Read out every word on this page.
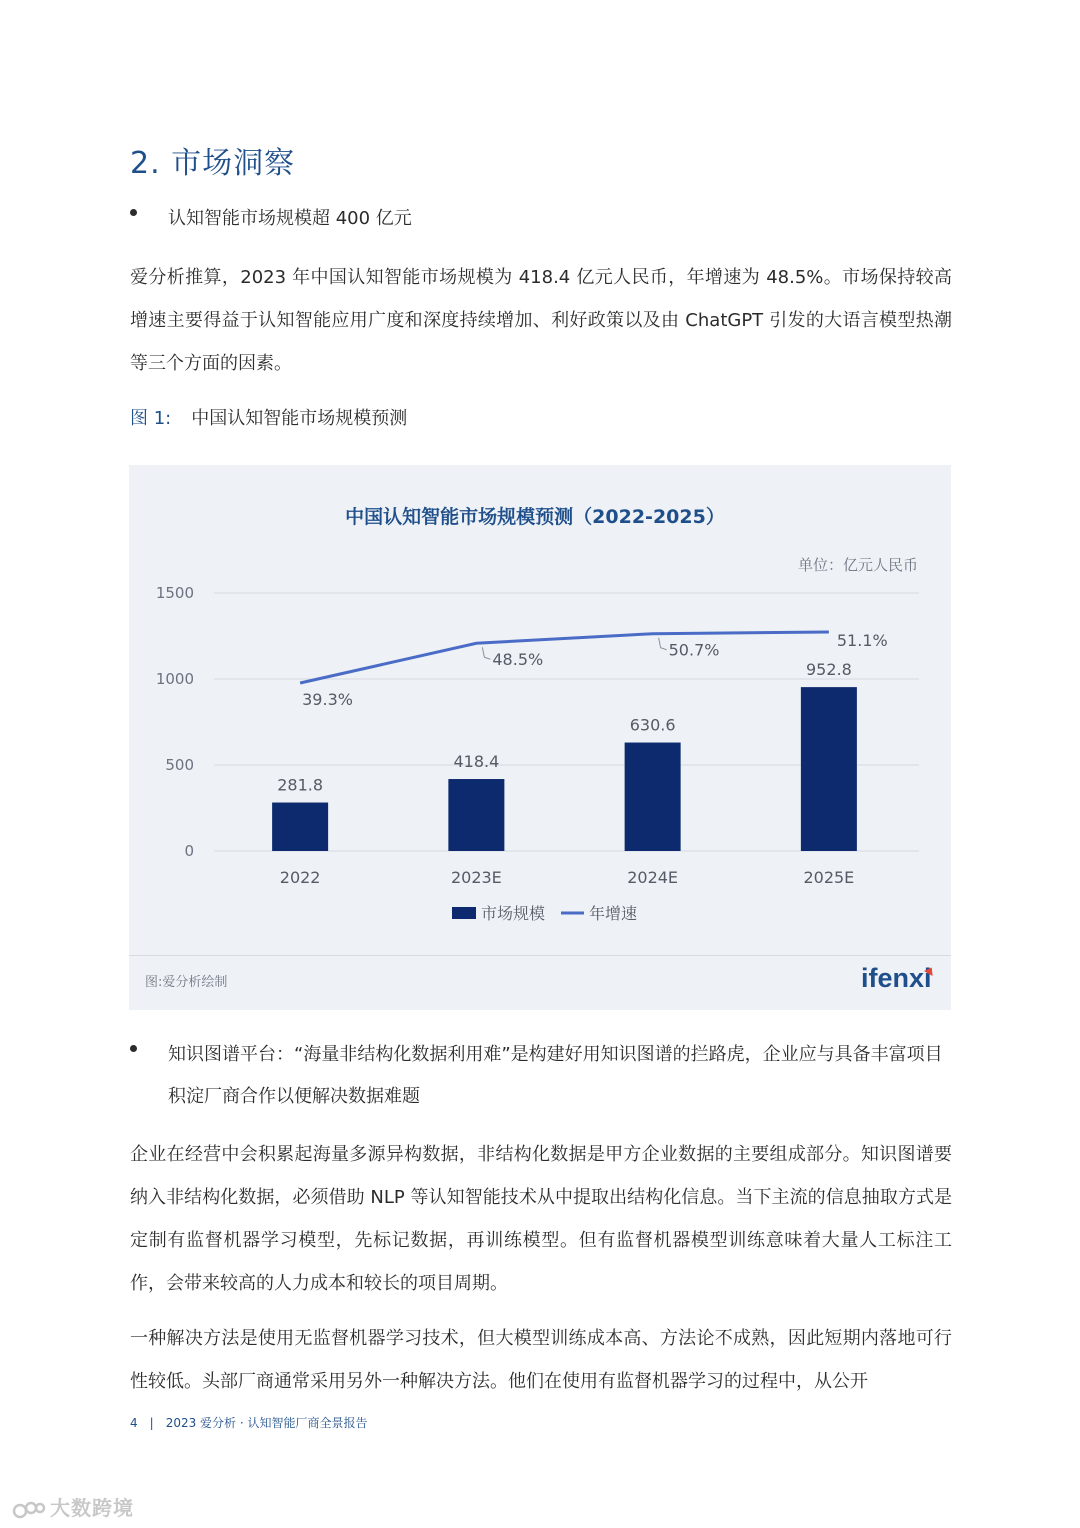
2. 市场洞察
认知智能市场规模超 400 亿元
爱分析推算，2023 年中国认知智能市场规模为 418.4 亿元人民币，年增速为 48.5%。市场保持较高增速主要得益于认知智能应用广度和深度持续增加、利好政策以及由 ChatGPT 引发的大语言模型热潮等三个方面的因素。
图 1: 中国认知智能市场规模预测
中国认知智能市场规模预测（2022-2025）
单位：亿元人民币
0
500
1000
1500
281.8
418.4
630.6
952.8
2022	2023E	2024E	2025E
39.3%
48.5%
50.7%
51.1%
市场规模	年增速
图:爱分析绘制	ifenxi
知识图谱平台：“海量非结构化数据利用难”是构建好用知识图谱的拦路虎，企业应与具备丰富项目积淀厂商合作以便解决数据难题
企业在经营中会积累起海量多源异构数据，非结构化数据是甲方企业数据的主要组成部分。知识图谱要纳入非结构化数据，必须借助 NLP 等认知智能技术从中提取出结构化信息。当下主流的信息抽取方式是定制有监督机器学习模型，先标记数据，再训练模型。但有监督机器模型训练意味着大量人工标注工作，会带来较高的人力成本和较长的项目周期。
一种解决方法是使用无监督机器学习技术，但大模型训练成本高、方法论不成熟，因此短期内落地可行性较低。头部厂商通常采用另外一种解决方法。他们在使用有监督机器学习的过程中，从公开
4 | 2023 爱分析 · 认知智能厂商全景报告
大数跨境
